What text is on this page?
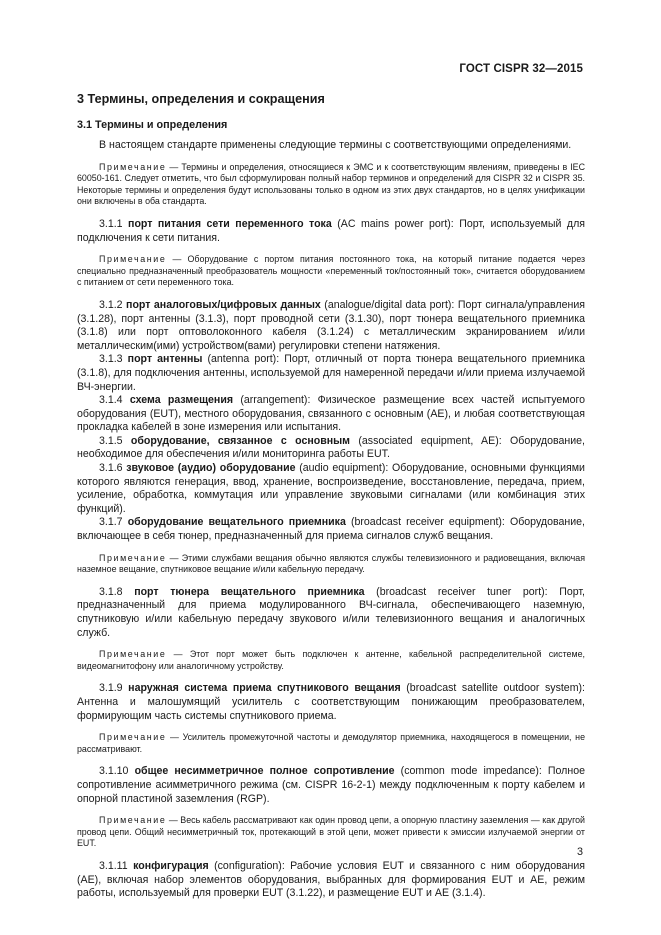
ГОСТ CISPR 32—2015
3 Термины, определения и сокращения
3.1 Термины и определения

В настоящем стандарте применены следующие термины с соответствующими определениями.

Примечание — Термины и определения, относящиеся к ЭМС и к соответствующим явлениям, приведены в IEC 60050-161. Следует отметить, что был сформулирован полный набор терминов и определений для CISPR 32 и CISPR 35. Некоторые термины и определения будут использованы только в одном из этих двух стандартов, но в целях унификации они включены в оба стандарта.

3.1.1 порт питания сети переменного тока (AC mains power port): Порт, используемый для подключения к сети питания.

Примечание — Оборудование с портом питания постоянного тока, на который питание подается через специально предназначенный преобразователь мощности «переменный ток/постоянный ток», считается оборудованием с питанием от сети переменного тока.

3.1.2 порт аналоговых/цифровых данных (analogue/digital data port): Порт сигнала/управления (3.1.28), порт антенны (3.1.3), порт проводной сети (3.1.30), порт тюнера вещательного приемника (3.1.8) или порт оптоволоконного кабеля (3.1.24) с металлическим экранированием и/или металлическим(ими) устройством(вами) регулировки степени натяжения.

3.1.3 порт антенны (antenna port): Порт, отличный от порта тюнера вещательного приемника (3.1.8), для подключения антенны, используемой для намеренной передачи и/или приема излучаемой ВЧ-энергии.

3.1.4 схема размещения (arrangement): Физическое размещение всех частей испытуемого оборудования (EUT), местного оборудования, связанного с основным (AE), и любая соответствующая прокладка кабелей в зоне измерения или испытания.

3.1.5 оборудование, связанное с основным (associated equipment, AE): Оборудование, необходимое для обеспечения и/или мониторинга работы EUT.

3.1.6 звуковое (аудио) оборудование (audio equipment): Оборудование, основными функциями которого являются генерация, ввод, хранение, воспроизведение, восстановление, передача, прием, усиление, обработка, коммутация или управление звуковыми сигналами (или комбинация этих функций).

3.1.7 оборудование вещательного приемника (broadcast receiver equipment): Оборудование, включающее в себя тюнер, предназначенный для приема сигналов служб вещания.

Примечание — Этими службами вещания обычно являются службы телевизионного и радиовещания, включая наземное вещание, спутниковое вещание и/или кабельную передачу.

3.1.8 порт тюнера вещательного приемника (broadcast receiver tuner port): Порт, предназначенный для приема модулированного ВЧ-сигнала, обеспечивающего наземную, спутниковую и/или кабельную передачу звукового и/или телевизионного вещания и аналогичных служб.

Примечание — Этот порт может быть подключен к антенне, кабельной распределительной системе, видеомагнитофону или аналогичному устройству.

3.1.9 наружная система приема спутникового вещания (broadcast satellite outdoor system): Антенна и малошумящий усилитель с соответствующим понижающим преобразователем, формирующим часть системы спутникового приема.

Примечание — Усилитель промежуточной частоты и демодулятор приемника, находящегося в помещении, не рассматривают.

3.1.10 общее несимметричное полное сопротивление (common mode impedance): Полное сопротивление асимметричного режима (см. CISPR 16-2-1) между подключенным к порту кабелем и опорной пластиной заземления (RGP).

Примечание — Весь кабель рассматривают как один провод цепи, а опорную пластину заземления — как другой провод цепи. Общий несимметричный ток, протекающий в этой цепи, может привести к эмиссии излучаемой энергии от EUT.

3.1.11 конфигурация (configuration): Рабочие условия EUT и связанного с ним оборудования (AE), включая набор элементов оборудования, выбранных для формирования EUT и AE, режим работы, используемый для проверки EUT (3.1.22), и размещение EUT и AE (3.1.4).

3
